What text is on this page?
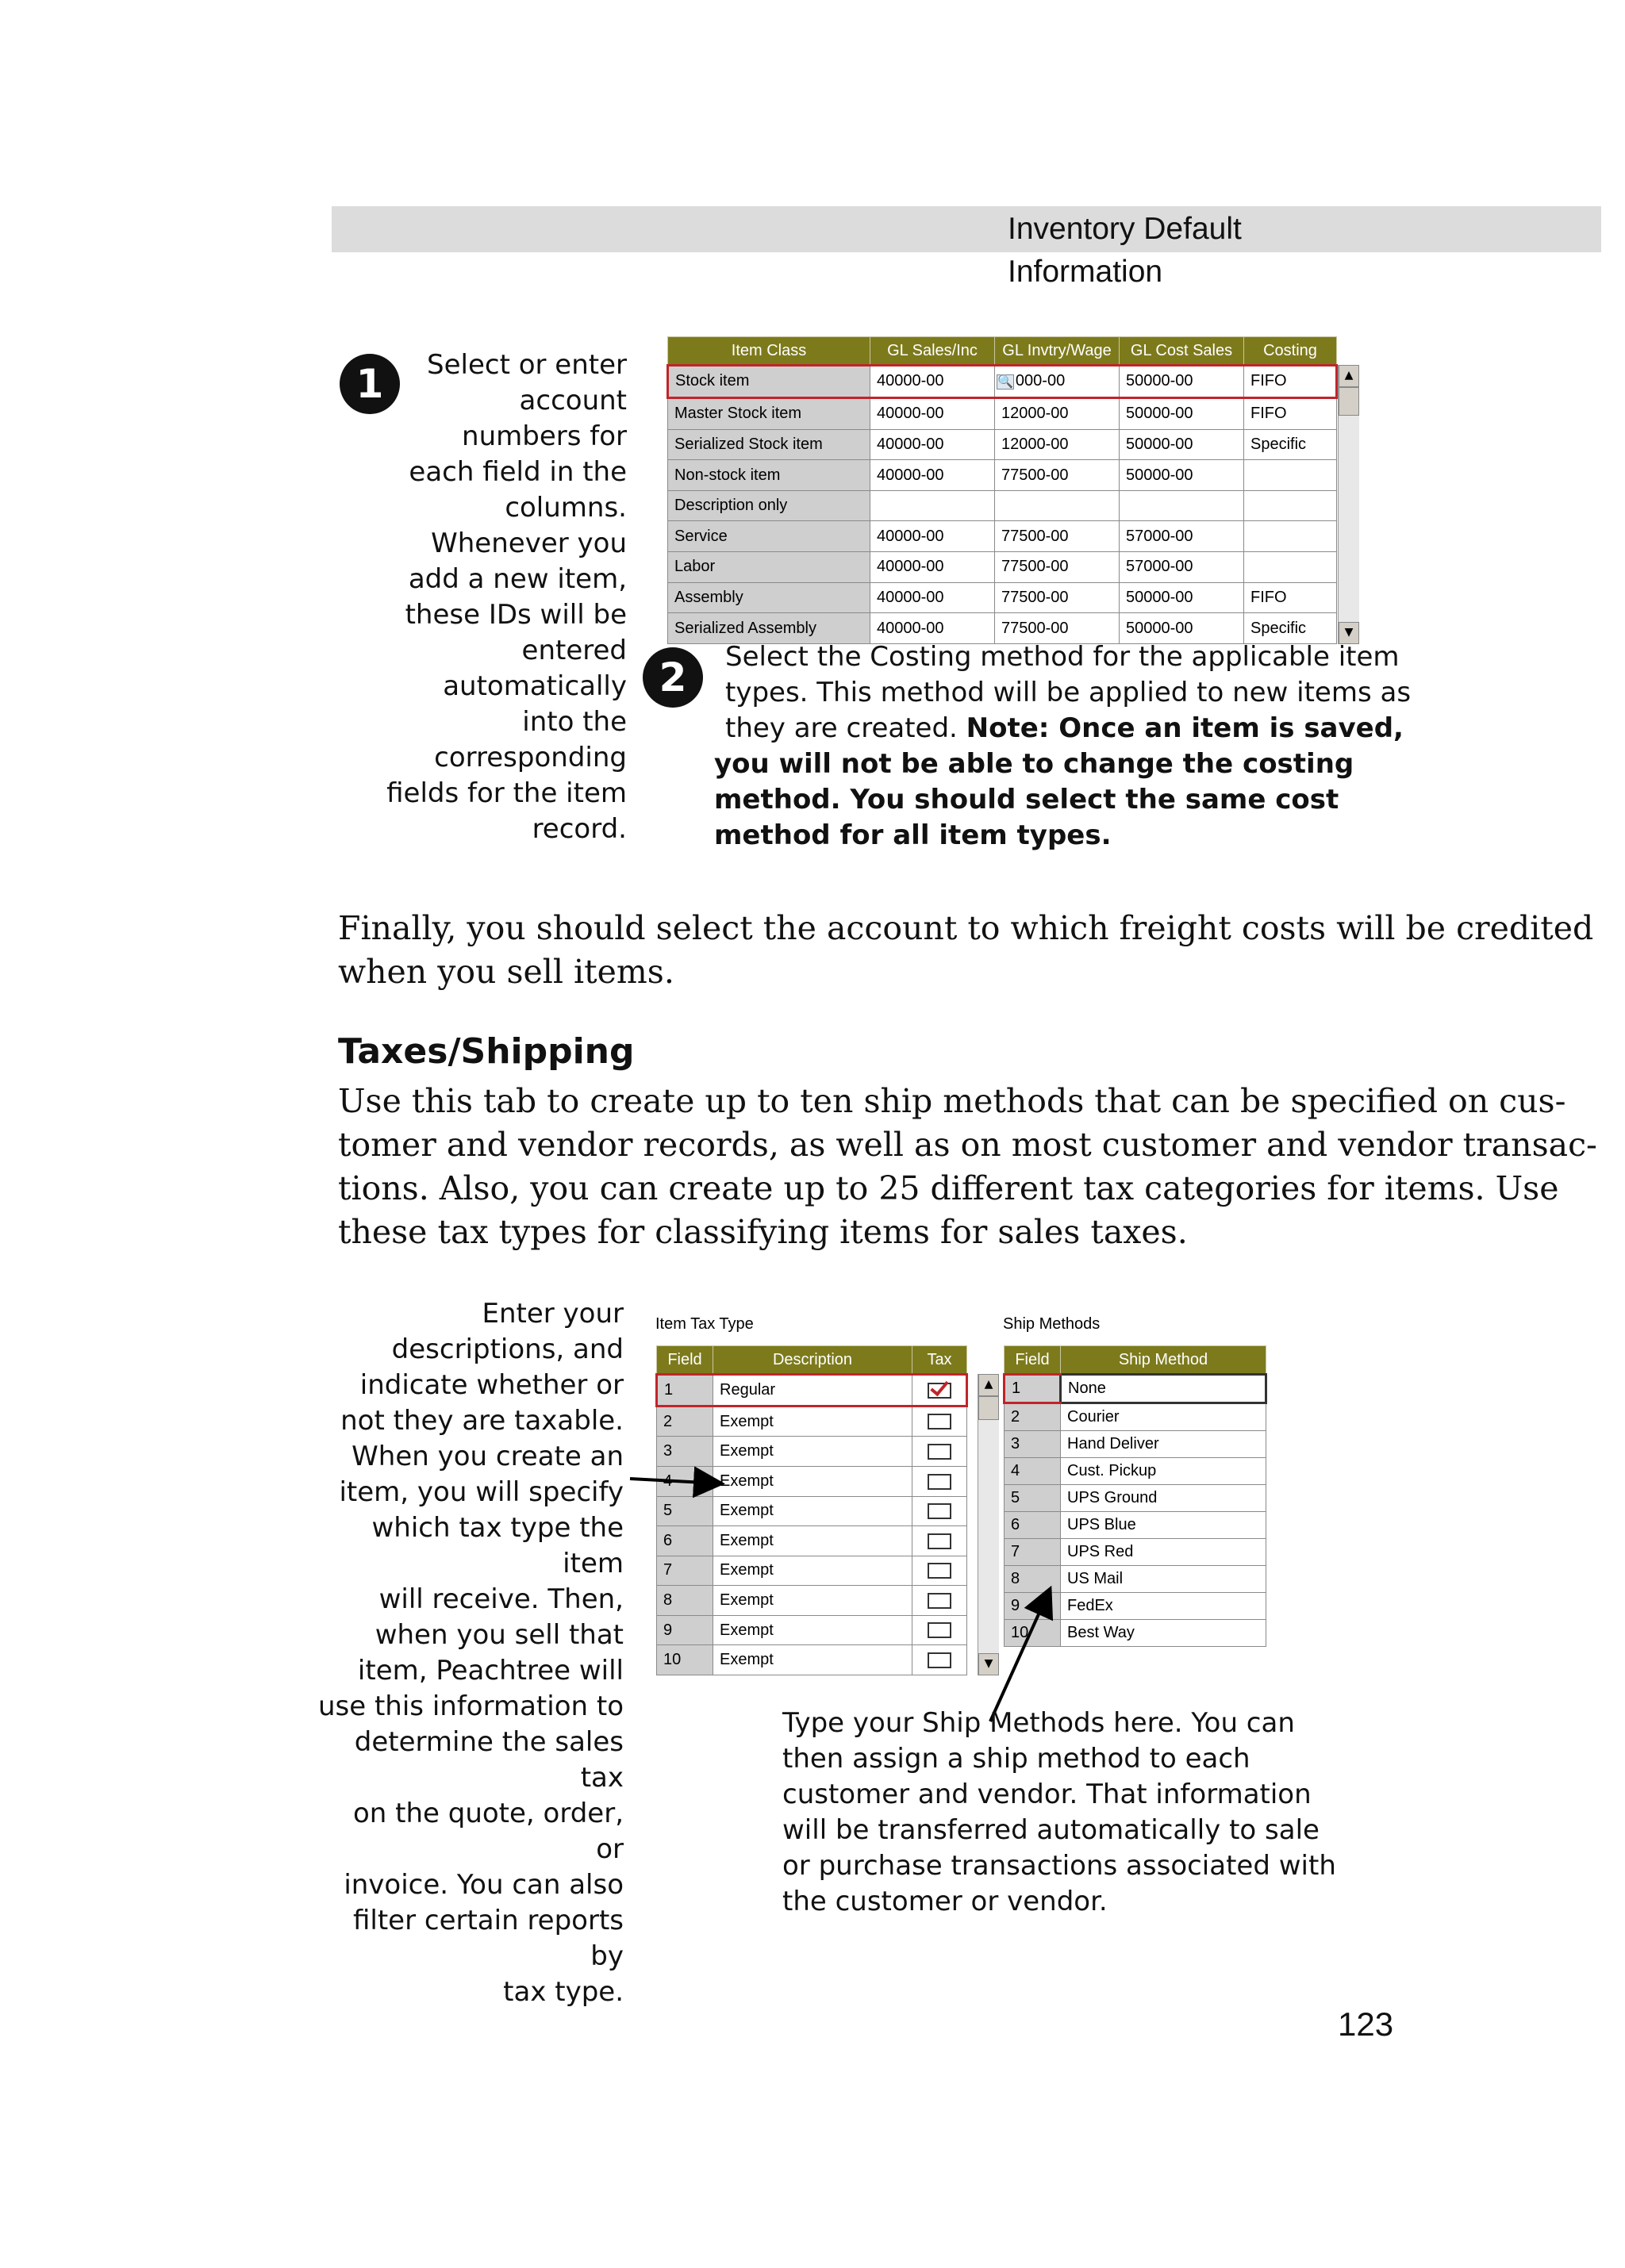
Inventory Default Information
1	Select or enter
account
numbers for
each field in the
columns.
Whenever you
add a new item,
these IDs will be
entered
automatically
into the
corresponding
fields for the item
record.
Item Class	GL Sales/Inc	GL Invtry/Wage	GL Cost Sales	Costing
Stock item	40000-00	🔍 000-00	50000-00	FIFO
Master Stock item	40000-00	12000-00	50000-00	FIFO
Serialized Stock item	40000-00	12000-00	50000-00	Specific
Non-stock item	40000-00	77500-00	50000-00	
Description only				
Service	40000-00	77500-00	57000-00	
Labor	40000-00	77500-00	57000-00	
Assembly	40000-00	77500-00	50000-00	FIFO
Serialized Assembly	40000-00	77500-00	50000-00	Specific
▲
▼
2	Select the Costing method for the applicable item
types. This method will be applied to new items as
they are created. Note: Once an item is saved,
you will not be able to change the costing
method. You should select the same cost
method for all item types.
Finally, you should select the account to which freight costs will be credited
when you sell items.
Taxes/Shipping
Use this tab to create up to ten ship methods that can be specified on cus-
tomer and vendor records, as well as on most customer and vendor transac-
tions. Also, you can create up to 25 different tax categories for items. Use
these tax types for classifying items for sales taxes.
Enter your
descriptions, and
indicate whether or
not they are taxable.
When you create an
item, you will specify
which tax type the item
will receive. Then,
when you sell that
item, Peachtree will
use this information to
determine the sales tax
on the quote, order, or
invoice. You can also
filter certain reports by
tax type.
Item Tax Type
Field	Description	Tax
1	Regular	
2	Exempt	
3	Exempt	
	Exempt	
5	Exempt	
6	Exempt	
7	Exempt	
8	Exempt	
9	Exempt	
10	Exempt	
▲
▼
Ship Methods
Field	Ship Method
1	None
2	Courier
3	Hand Deliver
4	Cust. Pickup
5	UPS Ground
6	UPS Blue
7	UPS Red
8	US Mail
9	FedEx
10	Best Way
Type your Ship Methods here. You can
then assign a ship method to each
customer and vendor. That information
will be transferred automatically to sale
or purchase transactions associated with
the customer or vendor.
123
